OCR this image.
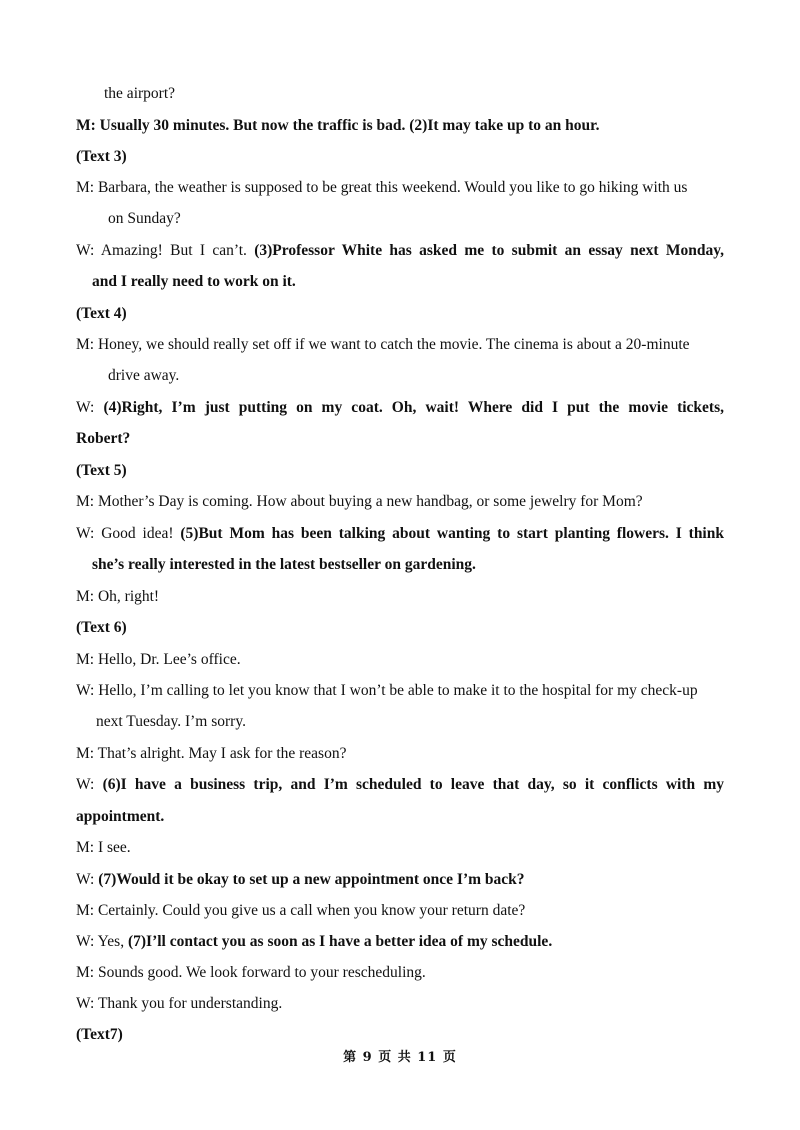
the airport?
M: Usually 30 minutes. But now the traffic is bad. (2)It may take up to an hour.
(Text 3)
M: Barbara, the weather is supposed to be great this weekend. Would you like to go hiking with us
on Sunday?
W: Amazing! But I can’t. (3)Professor White has asked me to submit an essay next Monday,
and I really need to work on it.
(Text 4)
M: Honey, we should really set off if we want to catch the movie. The cinema is about a 20-minute
drive away.
W: (4)Right, I’m just putting on my coat. Oh, wait! Where did I put the movie tickets,
Robert?
(Text 5)
M: Mother’s Day is coming. How about buying a new handbag, or some jewelry for Mom?
W: Good idea! (5)But Mom has been talking about wanting to start planting flowers. I think
she’s really interested in the latest bestseller on gardening.
M: Oh, right!
(Text 6)
M: Hello, Dr. Lee’s office.
W: Hello, I’m calling to let you know that I won’t be able to make it to the hospital for my check-up
next Tuesday. I’m sorry.
M: That’s alright. May I ask for the reason?
W: (6)I have a business trip, and I’m scheduled to leave that day, so it conflicts with my
appointment.
M: I see.
W: (7)Would it be okay to set up a new appointment once I’m back?
M: Certainly. Could you give us a call when you know your return date?
W: Yes, (7)I’ll contact you as soon as I have a better idea of my schedule.
M: Sounds good. We look forward to your rescheduling.
W: Thank you for understanding.
(Text7)
第 9 页 共 11 页
